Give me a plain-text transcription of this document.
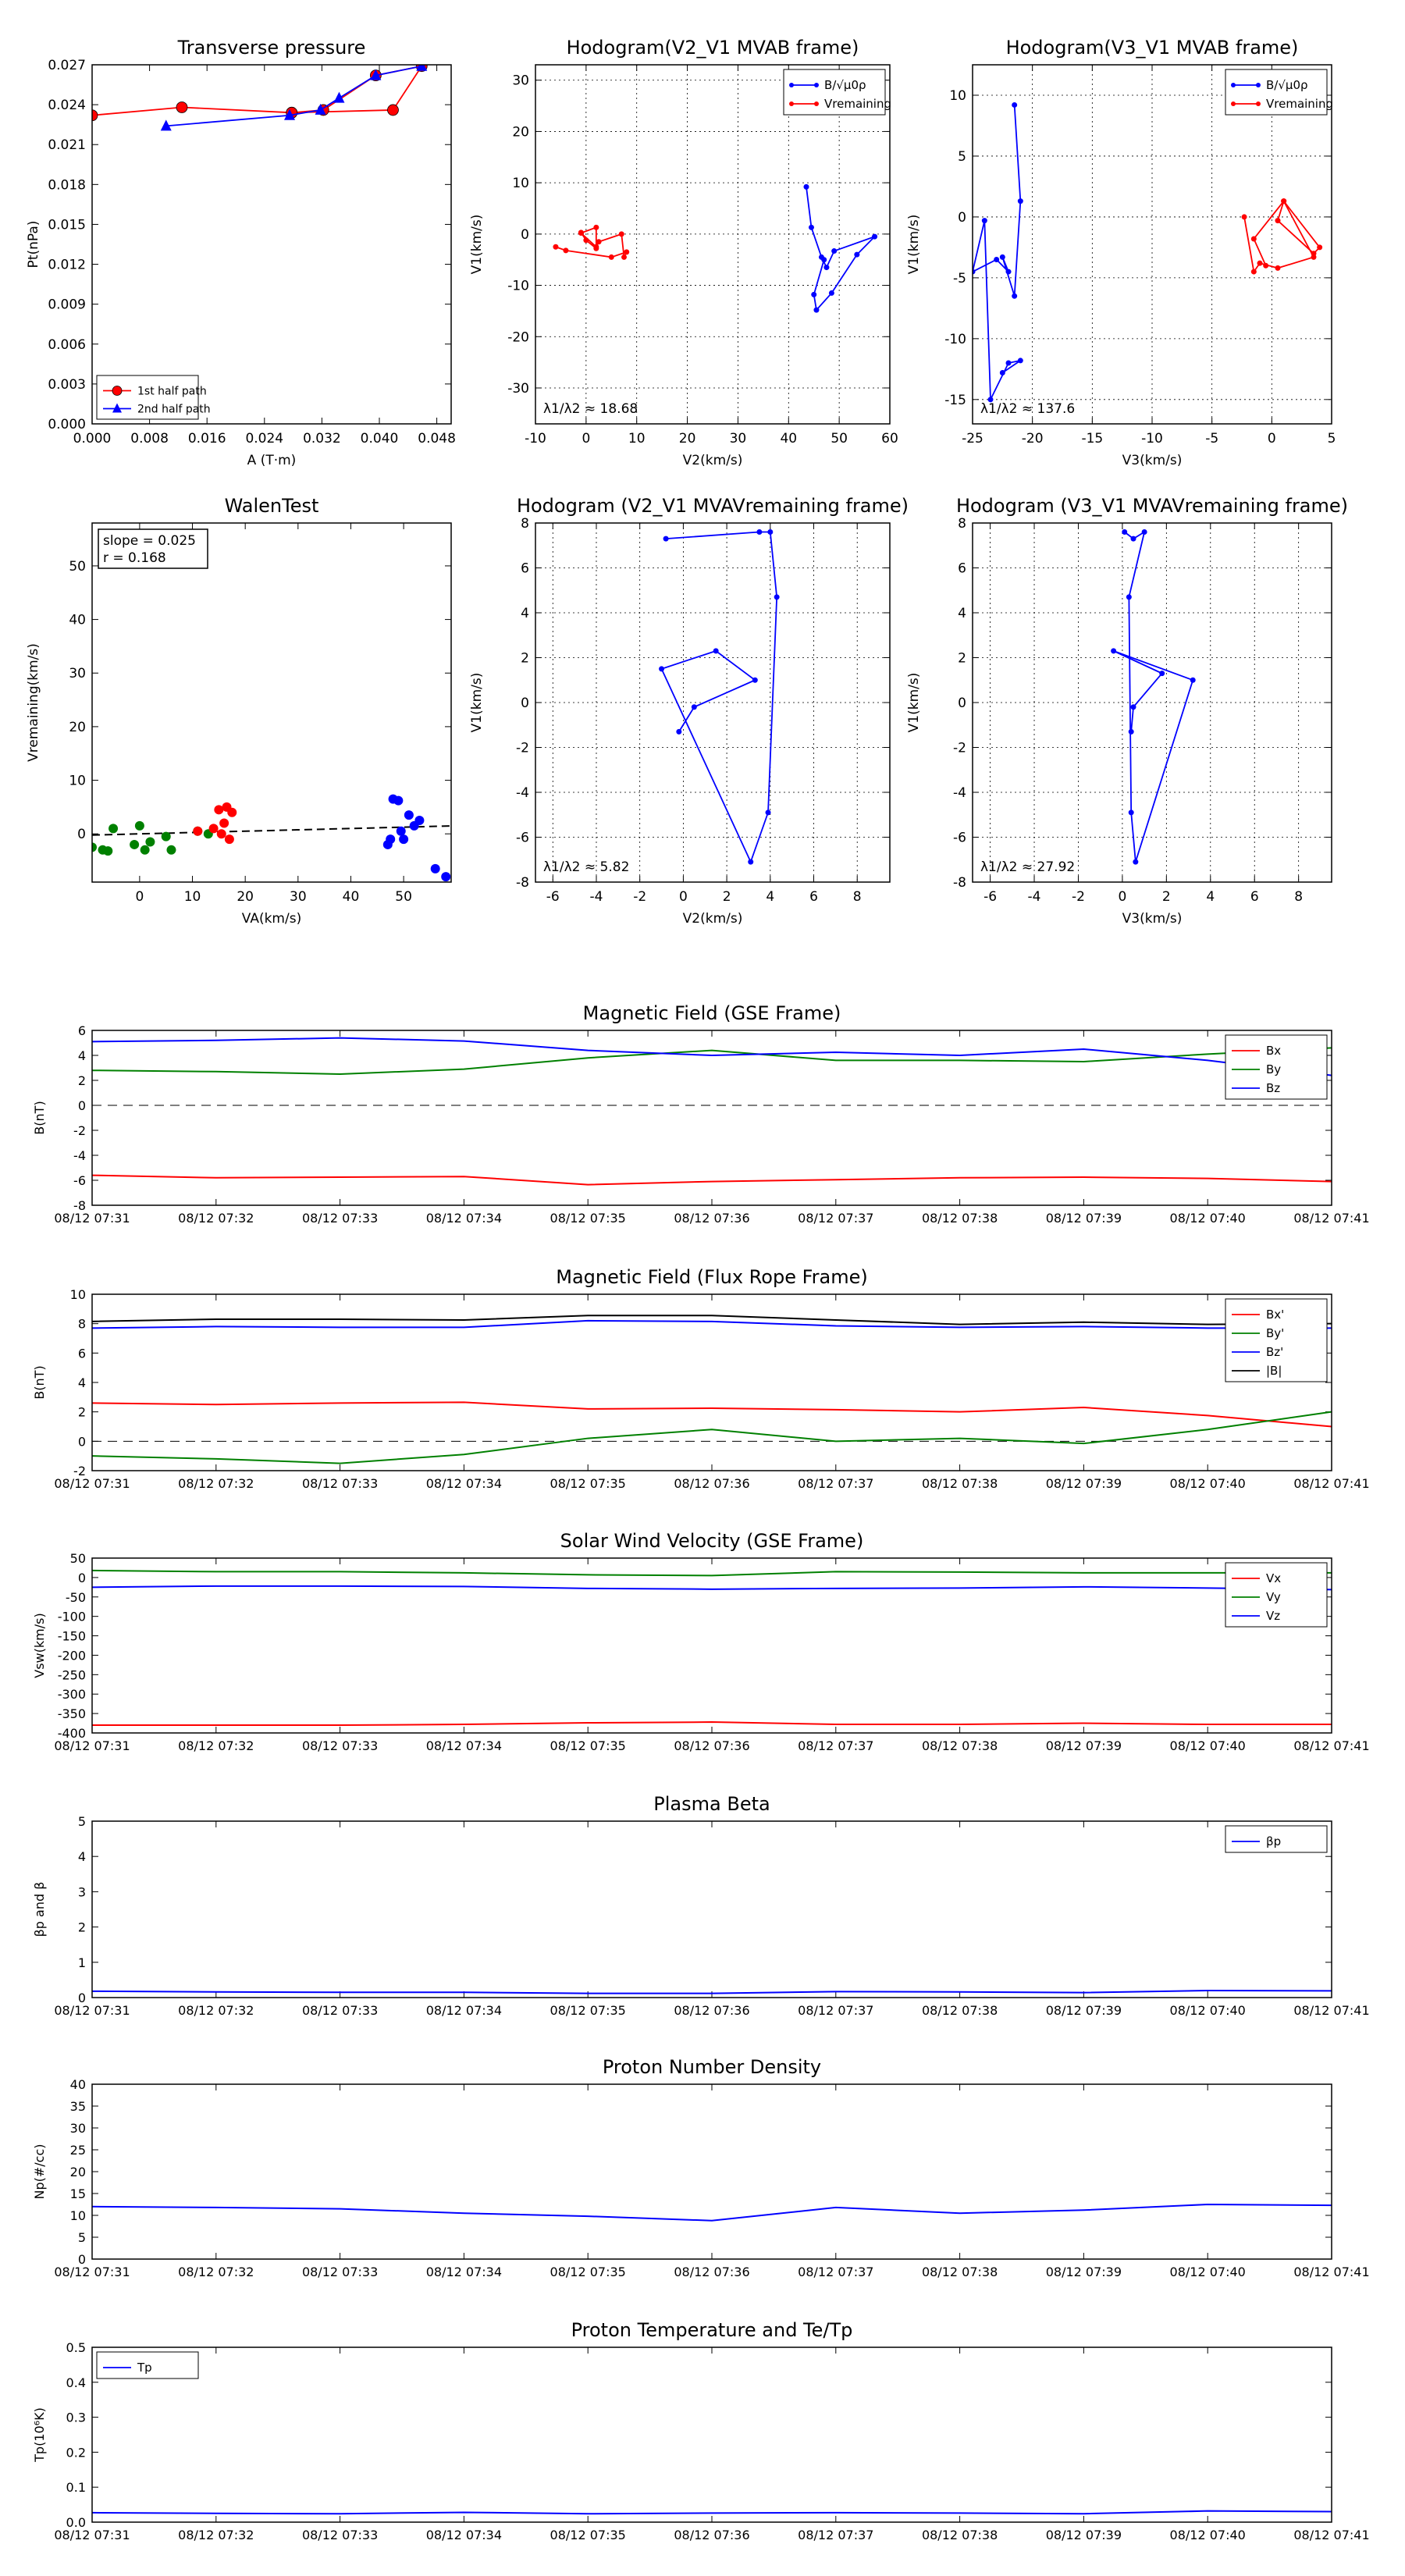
Transverse pressure
0.000 0.008 0.016 0.024 0.032 0.040 0.048
0.000
0.003
0.006
0.009
0.012
0.015
0.018
0.021
0.024
0.027
A (T·m)
Pt(nPa)
1st half path
2nd half path
Hodogram(V2_V1 MVAB frame)
-10	0	10	20	30	40	50	60
-30
-20
-10
0
10
20
30
V2(km/s)
V1(km/s)
λ1/λ2 ≈ 18.68
B/√μ0ρ
Vremaining
Hodogram(V3_V1 MVAB frame)
-25	-20	-15	-10	-5	0	5
-15
-10
-5
0
5
10
V3(km/s)
V1(km/s)
λ1/λ2 ≈ 137.6
B/√μ0ρ
Vremaining
WalenTest
0	10	20	30	40	50
0
10
20
30
40
50
VA(km/s)
Vremaining(km/s)
slope = 0.025
r = 0.168
Hodogram (V2_V1 MVAVremaining frame)
-6 -4 -2 0	2	4	6	8
-8
-6
-4
-2
0
2
4
6
8
V2(km/s)
V1(km/s)
λ1/λ2 ≈ 5.82
Hodogram (V3_V1 MVAVremaining frame)
-6 -4 -2	0	2	4	6	8
-8
-6
-4
-2
0
2
4
6
8
V3(km/s)
V1(km/s)
λ1/λ2 ≈ 27.92
Magnetic Field (GSE Frame)
08/12 07:31	08/12 07:32	08/12 07:33	08/12 07:34	08/12 07:35	08/12 07:36	08/12 07:37	08/12 07:38	08/12 07:39	08/12 07:40	08/12 07:41
-8
-6
-4
-2
0
2
4
6
B(nT)
Bx
By
Bz
Magnetic Field (Flux Rope Frame)
08/12 07:31	08/12 07:32	08/12 07:33	08/12 07:34	08/12 07:35	08/12 07:36	08/12 07:37	08/12 07:38	08/12 07:39	08/12 07:40	08/12 07:41
-2
0
2
4
6
8
10
B(nT)
Bx'
By'
Bz'
|B|
Solar Wind Velocity (GSE Frame)
08/12 07:31	08/12 07:32	08/12 07:33	08/12 07:34	08/12 07:35	08/12 07:36	08/12 07:37	08/12 07:38	08/12 07:39	08/12 07:40	08/12 07:41
-400
-350
-300
-250
-200
-150
-100
-50
0
50
Vsw(km/s)
Vx
Vy
Vz
Plasma Beta
08/12 07:31	08/12 07:32	08/12 07:33	08/12 07:34	08/12 07:35	08/12 07:36	08/12 07:37	08/12 07:38	08/12 07:39	08/12 07:40	08/12 07:41
0
1
2
3
4
5
βp and β
βp
Proton Number Density
08/12 07:31	08/12 07:32	08/12 07:33	08/12 07:34	08/12 07:35	08/12 07:36	08/12 07:37	08/12 07:38	08/12 07:39	08/12 07:40	08/12 07:41
0
5
10
15
20
25
30
35
40
Np(#/cc)
Proton Temperature and Te/Tp
08/12 07:31	08/12 07:32	08/12 07:33	08/12 07:34	08/12 07:35	08/12 07:36	08/12 07:37	08/12 07:38	08/12 07:39	08/12 07:40	08/12 07:41
0.0
0.1
0.2
0.3
0.4
0.5
Tp(10⁶K)
Tp
